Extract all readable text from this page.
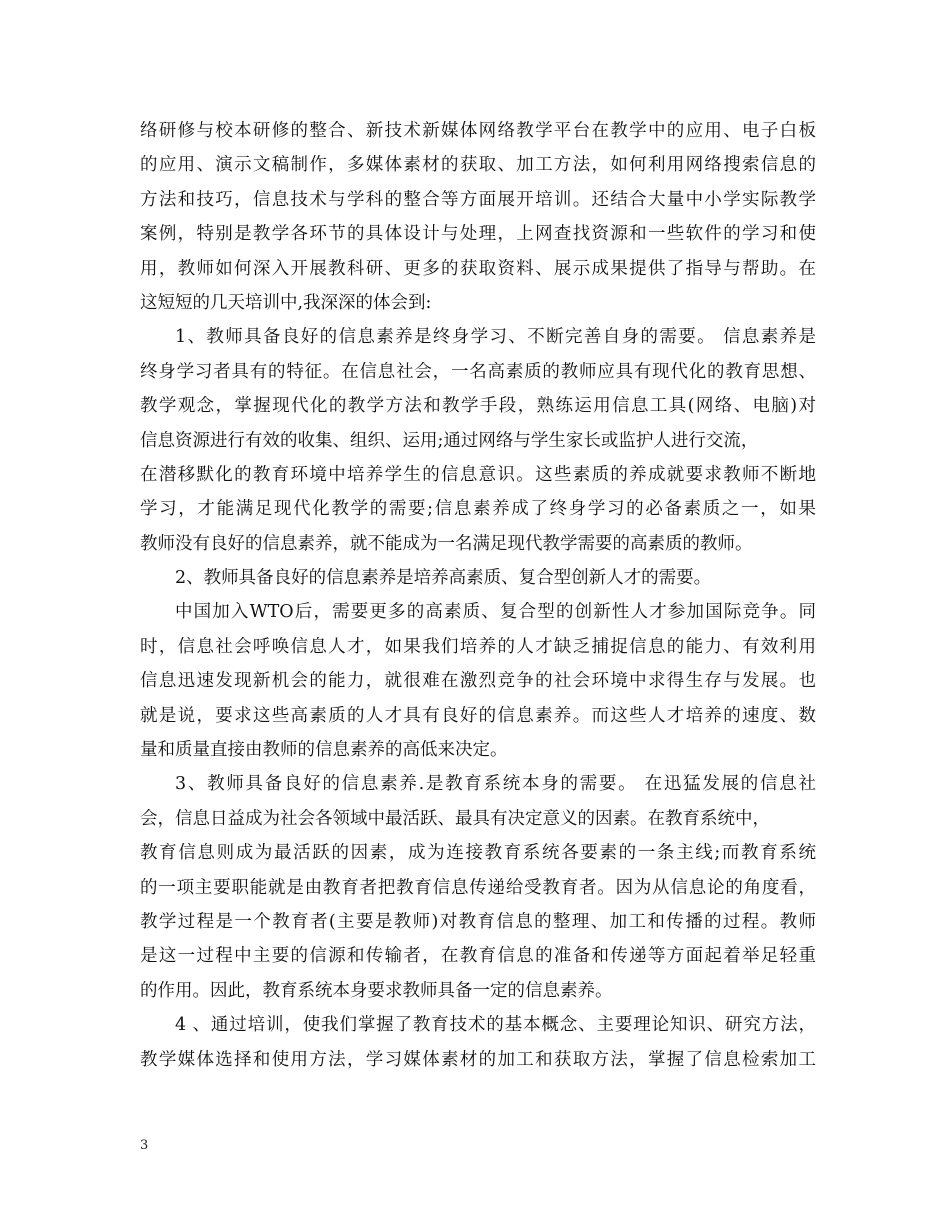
络研修与校本研修的整合、新技术新媒体网络教学平台在教学中的应用、电子白板
的应用、演示文稿制作，多媒体素材的获取、加工方法，如何利用网络搜索信息的
方法和技巧，信息技术与学科的整合等方面展开培训。还结合大量中小学实际教学
案例，特别是教学各环节的具体设计与处理，上网查找资源和一些软件的学习和使
用，教师如何深入开展教科研、更多的获取资料、展示成果提供了指导与帮助。在
这短短的几天培训中,我深深的体会到:
1、教师具备良好的信息素养是终身学习、不断完善自身的需要。 信息素养是
终身学习者具有的特征。在信息社会，一名高素质的教师应具有现代化的教育思想、
教学观念，掌握现代化的教学方法和教学手段，熟练运用信息工具(网络、电脑)对
信息资源进行有效的收集、组织、运用;通过网络与学生家长或监护人进行交流，
在潜移默化的教育环境中培养学生的信息意识。这些素质的养成就要求教师不断地
学习，才能满足现代化教学的需要;信息素养成了终身学习的必备素质之一，如果
教师没有良好的信息素养，就不能成为一名满足现代教学需要的高素质的教师。
2、教师具备良好的信息素养是培养高素质、复合型创新人才的需要。
中国加入WTO后，需要更多的高素质、复合型的创新性人才参加国际竞争。同
时，信息社会呼唤信息人才，如果我们培养的人才缺乏捕捉信息的能力、有效利用
信息迅速发现新机会的能力，就很难在激烈竞争的社会环境中求得生存与发展。也
就是说，要求这些高素质的人才具有良好的信息素养。而这些人才培养的速度、数
量和质量直接由教师的信息素养的高低来决定。
3、教师具备良好的信息素养.是教育系统本身的需要。 在迅猛发展的信息社
会，信息日益成为社会各领域中最活跃、最具有决定意义的因素。在教育系统中，
教育信息则成为最活跃的因素，成为连接教育系统各要素的一条主线;而教育系统
的一项主要职能就是由教育者把教育信息传递给受教育者。因为从信息论的角度看，
教学过程是一个教育者(主要是教师)对教育信息的整理、加工和传播的过程。教师
是这一过程中主要的信源和传输者，在教育信息的准备和传递等方面起着举足轻重
的作用。因此，教育系统本身要求教师具备一定的信息素养。
4 、通过培训，使我们掌握了教育技术的基本概念、主要理论知识、研究方法，
教学媒体选择和使用方法，学习媒体素材的加工和获取方法，掌握了信息检索加工
3
